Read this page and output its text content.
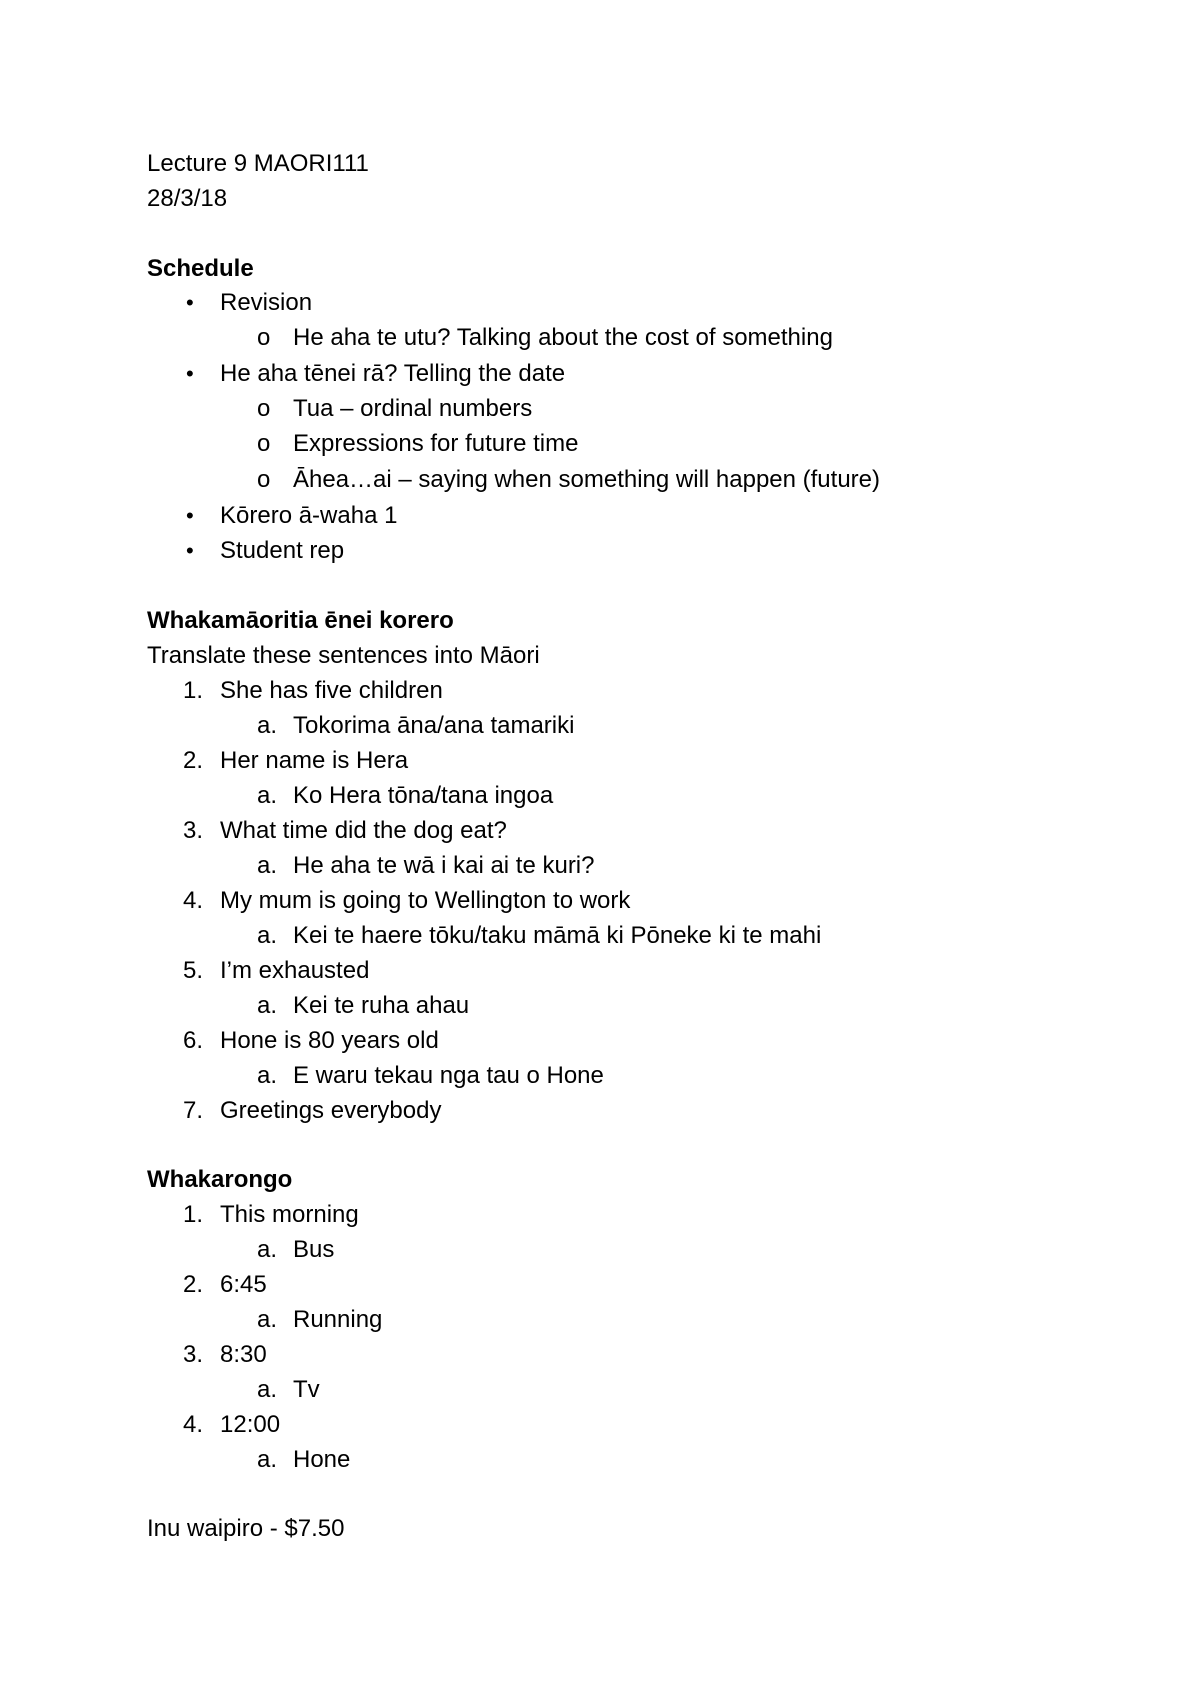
Lecture 9 MAORI111
28/3/18
Schedule
• Revision
o He aha te utu? Talking about the cost of something
• He aha tēnei rā? Telling the date
o Tua – ordinal numbers
o Expressions for future time
o Āhea…ai – saying when something will happen (future)
• Kōrero ā-waha 1
• Student rep
Whakamāoritia ēnei korero
Translate these sentences into Māori
1. She has five children
a. Tokorima āna/ana tamariki
2. Her name is Hera
a. Ko Hera tōna/tana ingoa
3. What time did the dog eat?
a. He aha te wā i kai ai te kuri?
4. My mum is going to Wellington to work
a. Kei te haere tōku/taku māmā ki Pōneke ki te mahi
5. I’m exhausted
a. Kei te ruha ahau
6. Hone is 80 years old
a. E waru tekau nga tau o Hone
7. Greetings everybody
Whakarongo
1. This morning
a. Bus
2. 6:45
a. Running
3. 8:30
a. Tv
4. 12:00
a. Hone
Inu waipiro - $7.50
